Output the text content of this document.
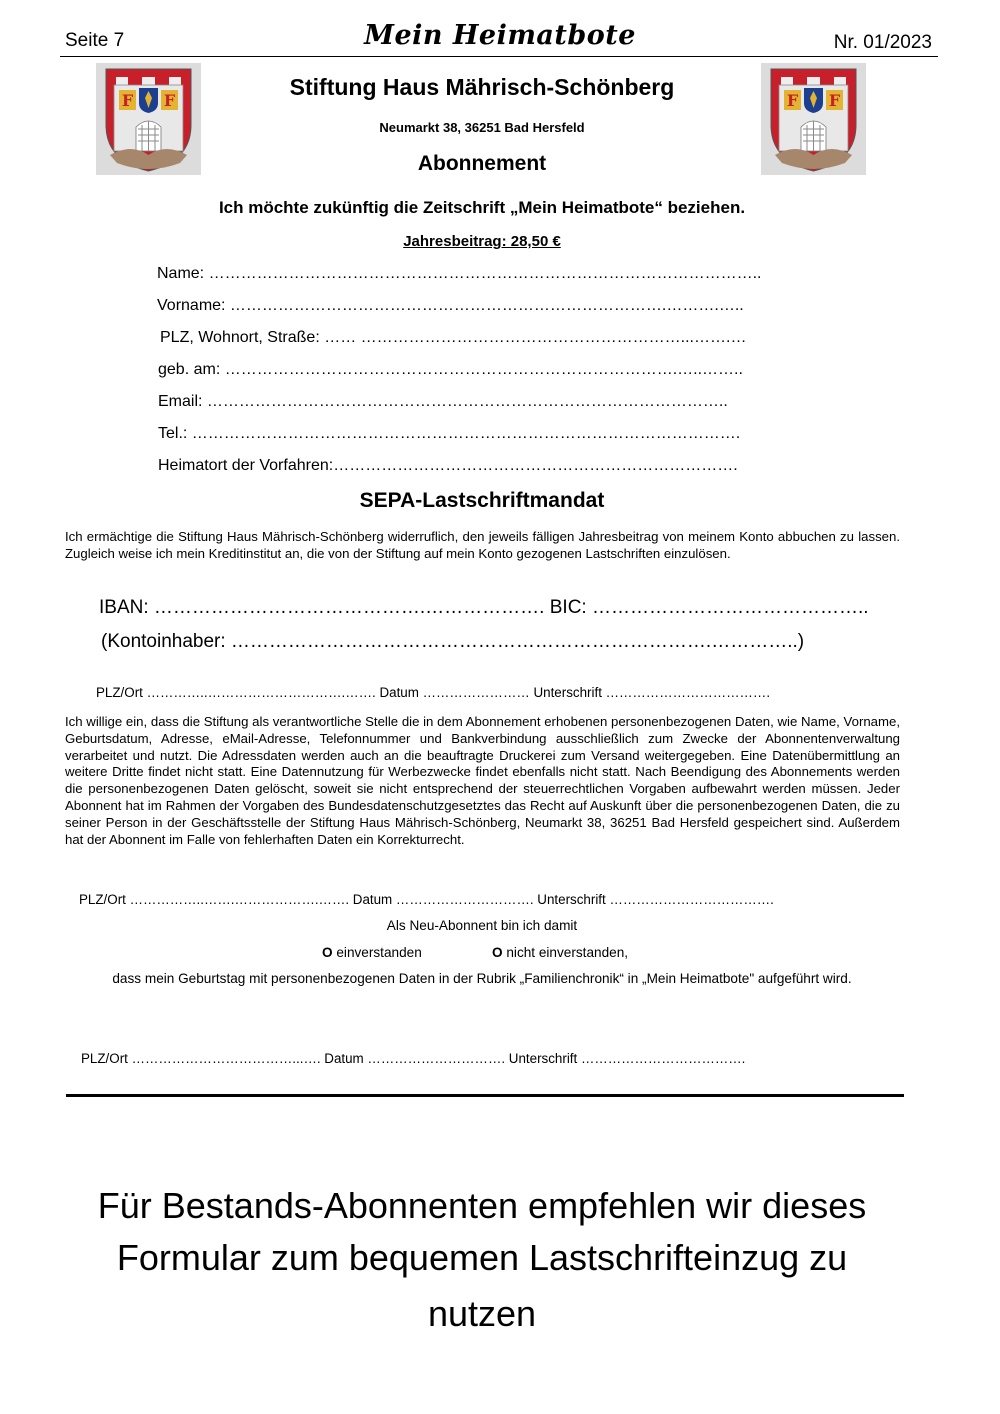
Seite 7	Mein Heimatbote	Nr. 01/2023
F F	F F
Stiftung Haus Mährisch-Schönberg
Neumarkt 38, 36251 Bad Hersfeld
Abonnement
Ich möchte zukünftig die Zeitschrift „Mein Heimatbote“ beziehen.
Jahresbeitrag: 28,50 €
Name: …………………………………………………………………………………………..
Vorname: ……………………………………………………………………….……….…..
PLZ, Wohnort, Straße: …… ……………………………………………………...…….…
geb. am: ………………………………………………………………………….…..……..
Email: ……………………………………………………………………………………..
Tel.: ………………………………………………………………………………………….
Heimatort der Vorfahren:………………………………………………………………….
SEPA-Lastschriftmandat
Ich ermächtige die Stiftung Haus Mährisch-Schönberg widerruflich, den jeweils fälligen Jahresbeitrag von meinem Konto abbuchen zu lassen. Zugleich weise ich mein Kreditinstitut an, die von der Stiftung auf mein Konto gezogenen Lastschriften einzulösen.
IBAN: …………………………………….………………. BIC: ……………………………………..
(Kontoinhaber: ………………………………………………………………….…………..)
PLZ/Ort …………..………………………….……. Datum …………………… Unterschrift ……………………………….
Ich willige ein, dass die Stiftung als verantwortliche Stelle die in dem Abonnement erhobenen personenbezogenen Daten, wie Name, Vorname, Geburtsdatum, Adresse, eMail-Adresse, Telefonnummer und Bankverbindung ausschließlich zum Zwecke der Abonnentenverwaltung verarbeitet und nutzt. Die Adressdaten werden auch an die beauftragte Druckerei zum Versand weitergegeben. Eine Datenübermittlung an weitere Dritte findet nicht statt. Eine Datennutzung für Werbezwecke findet ebenfalls nicht statt. Nach Beendigung des Abonnements werden die personenbezogenen Daten gelöscht, soweit sie nicht entsprechend der steuerrechtlichen Vorgaben aufbewahrt werden müssen. Jeder Abonnent hat im Rahmen der Vorgaben des Bundesdatenschutzgesetztes das Recht auf Auskunft über die personenbezogenen Daten, die zu seiner Person in der Geschäftsstelle der Stiftung Haus Mährisch-Schönberg, Neumarkt 38, 36251 Bad Hersfeld gespeichert sind. Außerdem hat der Abonnent im Falle von fehlerhaften Daten ein Korrekturrecht.
PLZ/Ort ……………..…….……………….……. Datum …………………………. Unterschrift ……………………………….
Als Neu-Abonnent bin ich damit
O einverstanden	O nicht einverstanden,
dass mein Geburtstag mit personenbezogenen Daten in der Rubrik „Familienchronik“ in „Mein Heimatbote" aufgeführt wird.
PLZ/Ort ………………………………...…. Datum …………………………. Unterschrift ……………………………….
Für Bestands-Abonnenten empfehlen wir dieses
Formular zum bequemen Lastschrifteinzug zu
nutzen
